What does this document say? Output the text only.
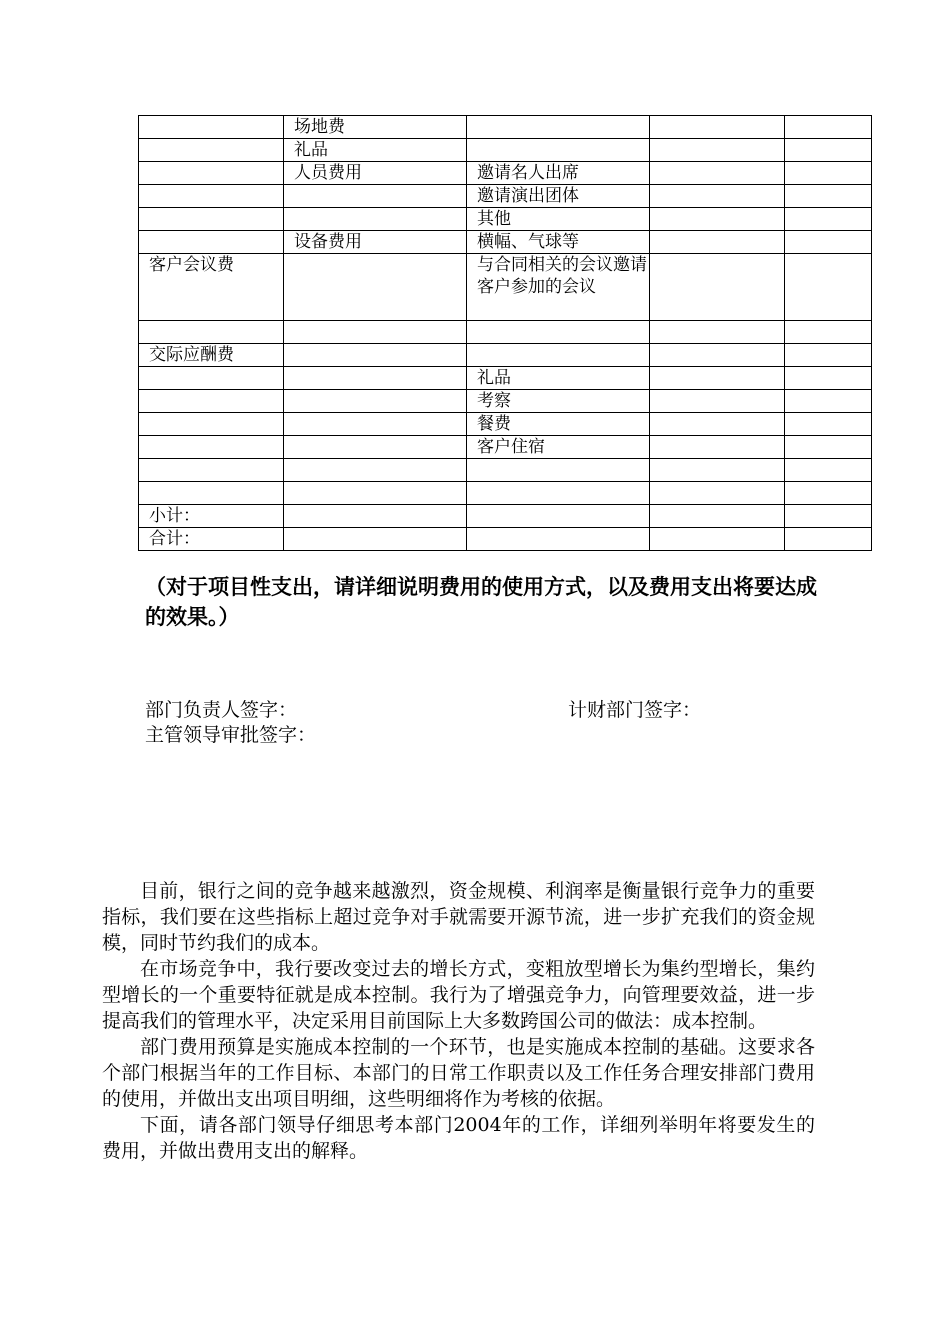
	场地费			
	礼品			
	人员费用	邀请名人出席		
		邀请演出团体		
		其他		
	设备费用	横幅、气球等		
客户会议费		与合同相关的会议邀请客户参加的会议		

交际应酬费				
		礼品		
		考察		
		餐费		
		客户住宿		

小计：				
合计：				
（对于项目性支出，请详细说明费用的使用方式，以及费用支出将要达成的效果。）
部门负责人签字：	计财部门签字：
主管领导审批签字：

目前，银行之间的竞争越来越激烈，资金规模、利润率是衡量银行竞争力的重要指标，我们要在这些指标上超过竞争对手就需要开源节流，进一步扩充我们的资金规模，同时节约我们的成本。

在市场竞争中，我行要改变过去的增长方式，变粗放型增长为集约型增长，集约型增长的一个重要特征就是成本控制。我行为了增强竞争力，向管理要效益，进一步提高我们的管理水平，决定采用目前国际上大多数跨国公司的做法：成本控制。

部门费用预算是实施成本控制的一个环节，也是实施成本控制的基础。这要求各个部门根据当年的工作目标、本部门的日常工作职责以及工作任务合理安排部门费用的使用，并做出支出项目明细，这些明细将作为考核的依据。

下面，请各部门领导仔细思考本部门2004年的工作，详细列举明年将要发生的费用，并做出费用支出的解释。
